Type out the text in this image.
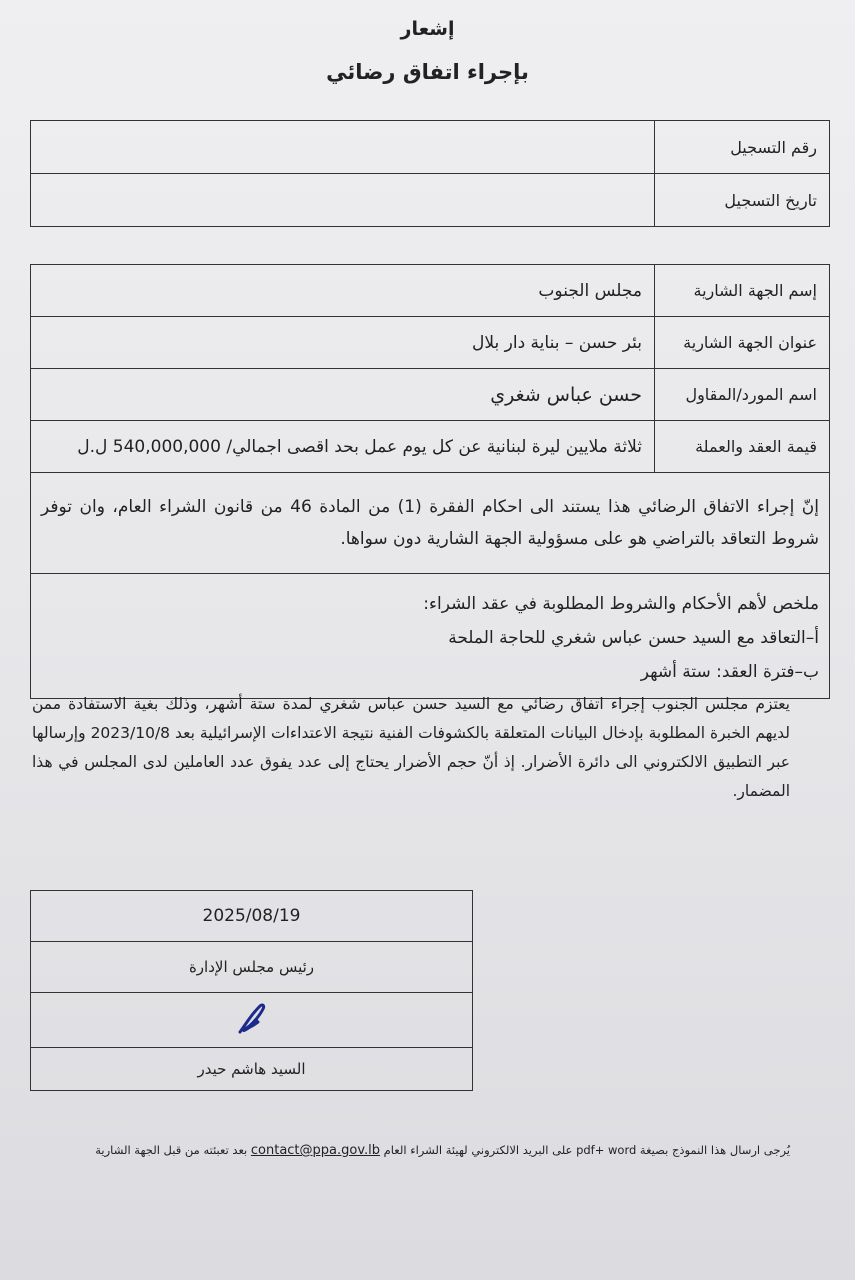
إشعار
بإجراء اتفاق رضائي
رقم التسجيل	
تاريخ التسجيل	
إسم الجهة الشارية	مجلس الجنوب
عنوان الجهة الشارية	بئر حسن – بناية دار بلال
اسم المورد/المقاول	حسن عباس شغري
قيمة العقد والعملة	ثلاثة ملايين ليرة لبنانية عن كل يوم عمل بحد اقصى اجمالي/ 540,000,000 ل.ل
إنّ إجراء الاتفاق الرضائي هذا يستند الى احكام الفقرة (1) من المادة 46 من قانون الشراء العام، وان توفر شروط التعاقد بالتراضي هو على مسؤولية الجهة الشارية دون سواها.	

ملخص لأهم الأحكام والشروط المطلوبة في عقد الشراء:
أ–التعاقد مع السيد حسن عباس شغري للحاجة الملحة
ب–فترة العقد: ستة أشهر	
يعتزم مجلس الجنوب إجراء اتفاق رضائي مع السيد حسن عباس شغري لمدة ستة أشهر، وذلك بغية الاستفادة ممن لديهم الخبرة المطلوبة بإدخال البيانات المتعلقة بالكشوفات الفنية نتيجة الاعتداءات الإسرائيلية بعد 2023/10/8 وإرسالها عبر التطبيق الالكتروني الى دائرة الأضرار. إذ أنّ حجم الأضرار يحتاج إلى عدد يفوق عدد العاملين لدى المجلس في هذا المضمار.
2025/08/19
رئيس مجلس الإدارة

السيد هاشم حيدر
يُرجى ارسال هذا النموذج بصيغة pdf+ word على البريد الالكتروني لهيئة الشراء العام contact@ppa.gov.lb بعد تعبئته من قبل الجهة الشارية
